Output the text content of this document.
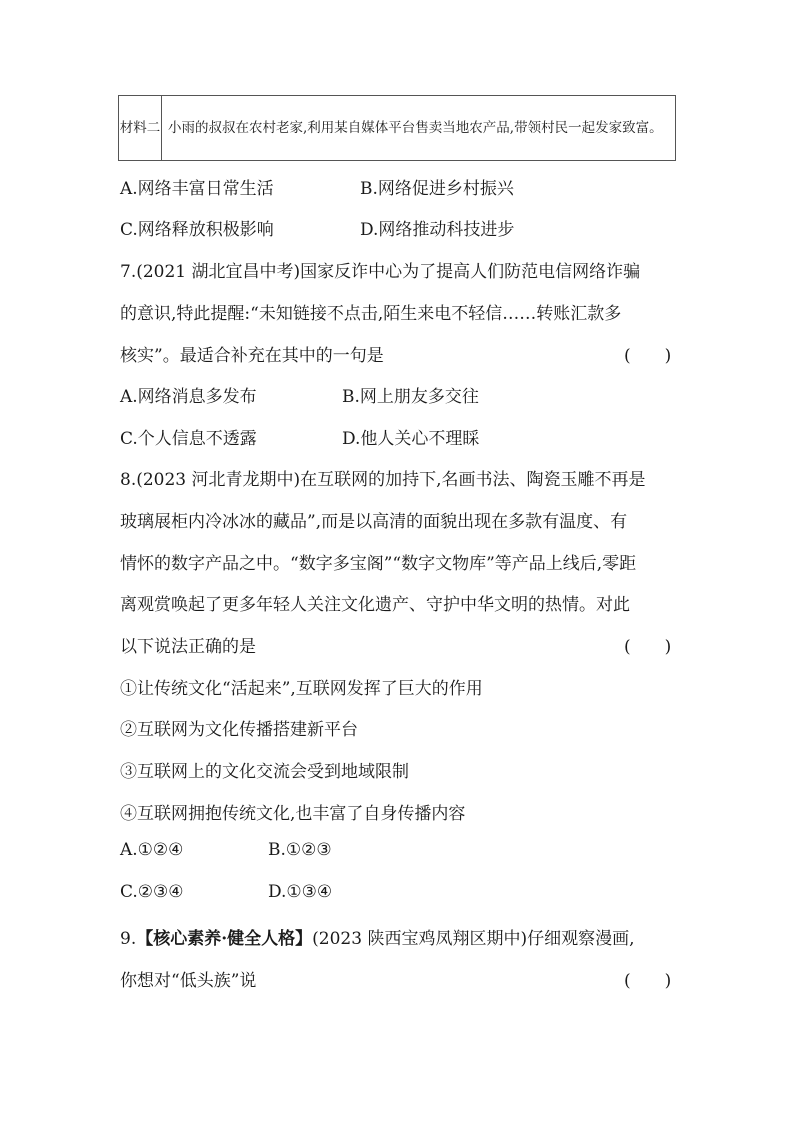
材料二	小雨的叔叔在农村老家,利用某自媒体平台售卖当地农产品,带领村民一起发家致富。
A.网络丰富日常生活	B.网络促进乡村振兴
C.网络释放积极影响	D.网络推动科技进步
7.(2021 湖北宜昌中考)国家反诈中心为了提高人们防范电信网络诈骗
的意识,特此提醒:“未知链接不点击,陌生来电不轻信……转账汇款多
核实”。最适合补充在其中的一句是	(　　)
A.网络消息多发布	B.网上朋友多交往
C.个人信息不透露	D.他人关心不理睬
8.(2023 河北青龙期中)在互联网的加持下,名画书法、陶瓷玉雕不再是
玻璃展柜内冷冰冰的藏品”,而是以高清的面貌出现在多款有温度、有
情怀的数字产品之中。“数字多宝阁”“数字文物库”等产品上线后,零距
离观赏唤起了更多年轻人关注文化遗产、守护中华文明的热情。对此
以下说法正确的是	(　　)
①让传统文化“活起来”,互联网发挥了巨大的作用
②互联网为文化传播搭建新平台
③互联网上的文化交流会受到地域限制
④互联网拥抱传统文化,也丰富了自身传播内容
A.①②④	B.①②③
C.②③④	D.①③④
9.【核心素养·健全人格】(2023 陕西宝鸡凤翔区期中)仔细观察漫画,
你想对“低头族”说	(　　)
